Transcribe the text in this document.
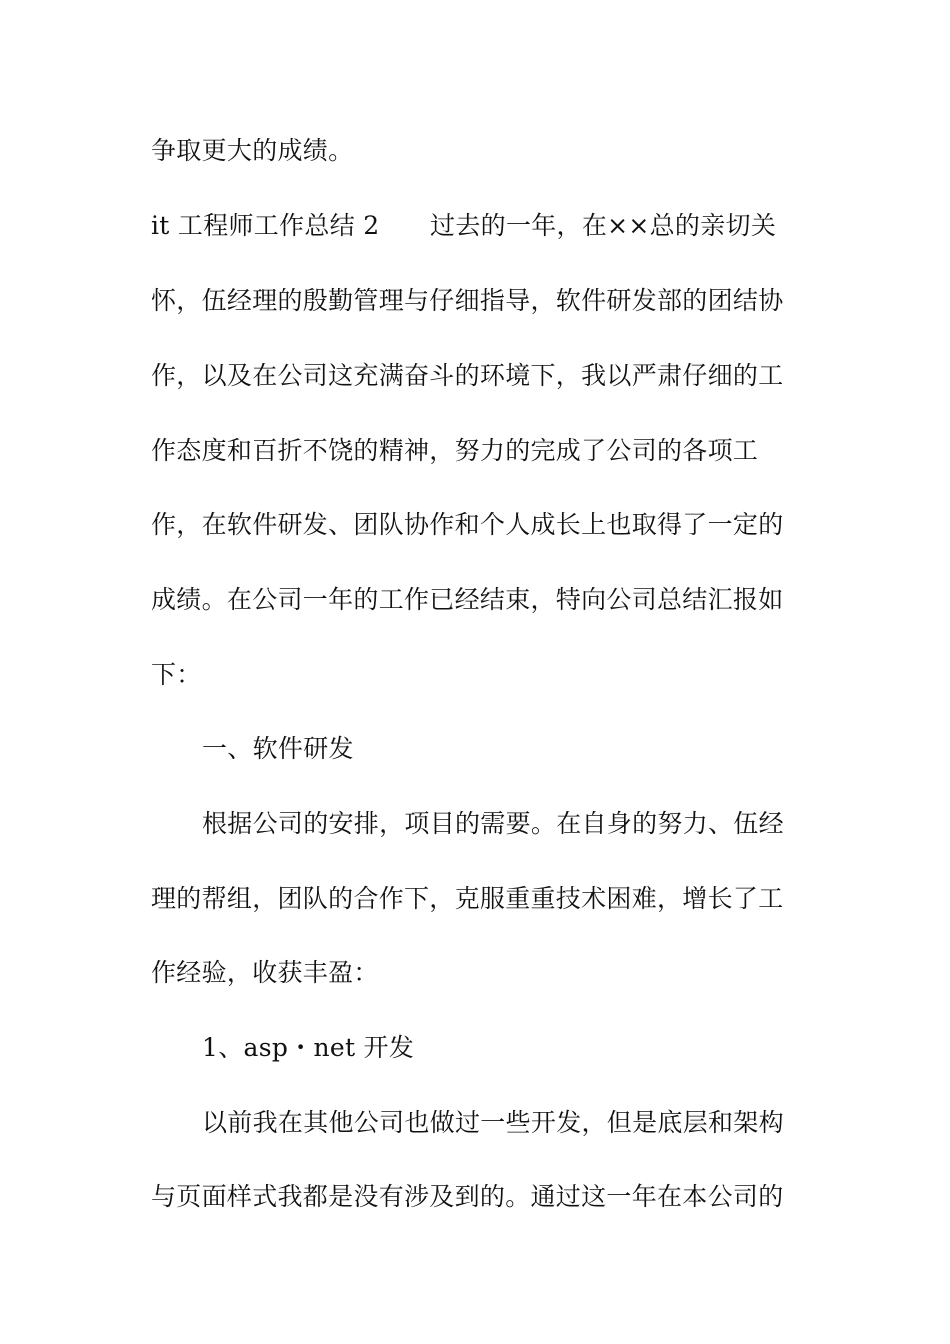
争取更大的成绩。
it 工程师工作总结 2　　过去的一年，在××总的亲切关
怀，伍经理的殷勤管理与仔细指导，软件研发部的团结协
作，以及在公司这充满奋斗的环境下，我以严肃仔细的工
作态度和百折不饶的精神，努力的完成了公司的各项工
作，在软件研发、团队协作和个人成长上也取得了一定的
成绩。在公司一年的工作已经结束，特向公司总结汇报如
下：
一、软件研发
根据公司的安排，项目的需要。在自身的努力、伍经
理的帮组，团队的合作下，克服重重技术困难，增长了工
作经验，收获丰盈：
1、asp・net 开发
以前我在其他公司也做过一些开发，但是底层和架构
与页面样式我都是没有涉及到的。通过这一年在本公司的
